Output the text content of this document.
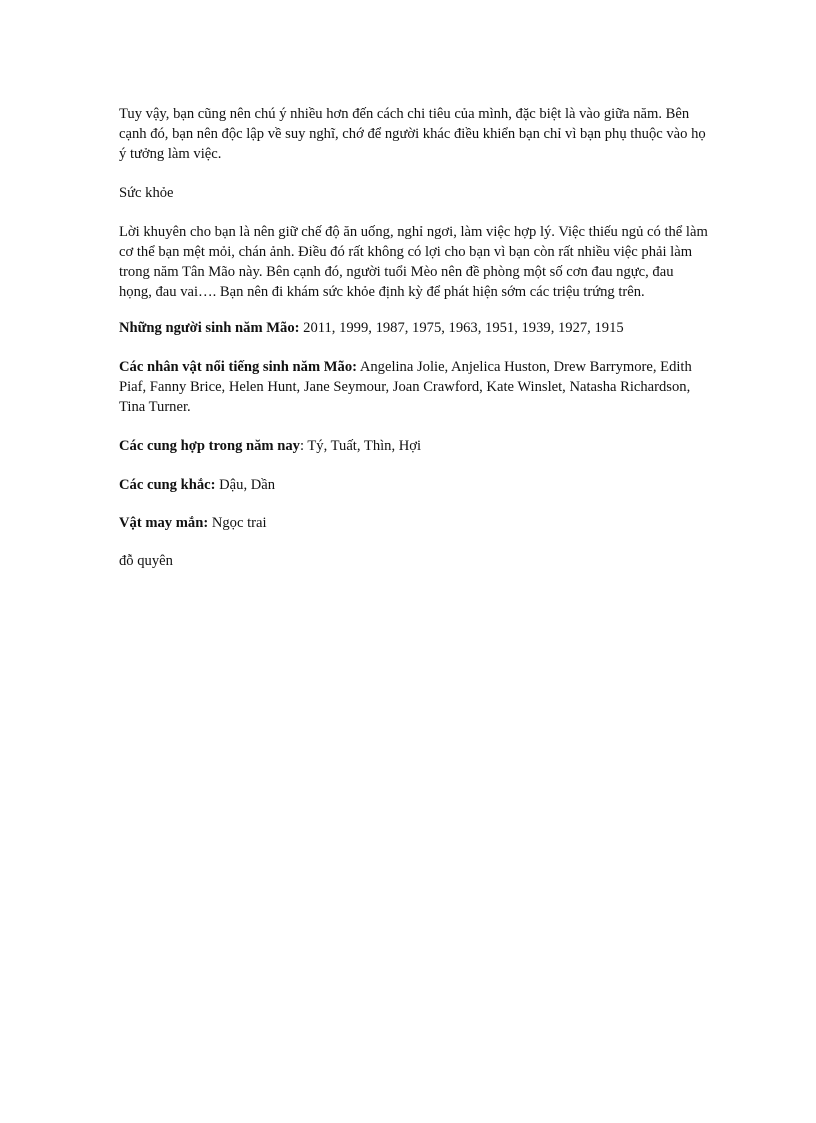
Tuy vậy, bạn cũng nên chú ý nhiều hơn đến cách chi tiêu của mình, đặc biệt là vào giữa năm. Bên cạnh đó, bạn nên độc lập về suy nghĩ, chớ để người khác điều khiển bạn chỉ vì bạn phụ thuộc vào họ ý tưởng làm việc.

Sức khỏe

Lời khuyên cho bạn là nên giữ chế độ ăn uống, nghỉ ngơi, làm việc hợp lý. Việc thiếu ngủ có thể làm cơ thể bạn mệt mỏi, chán ảnh. Điều đó rất không có lợi cho bạn vì bạn còn rất nhiều việc phải làm trong năm Tân Mão này. Bên cạnh đó, người tuổi Mèo nên đề phòng một số cơn đau ngực, đau họng, đau vai…. Bạn nên đi khám sức khỏe định kỳ để phát hiện sớm các triệu trứng trên.

Những người sinh năm Mão: 2011, 1999, 1987, 1975, 1963, 1951, 1939, 1927, 1915

Các nhân vật nổi tiếng sinh năm Mão: Angelina Jolie, Anjelica Huston, Drew Barrymore, Edith Piaf, Fanny Brice, Helen Hunt, Jane Seymour, Joan Crawford, Kate Winslet, Natasha Richardson, Tina Turner.

Các cung hợp trong năm nay: Tý, Tuất, Thìn, Hợi

Các cung khắc: Dậu, Dần

Vật may mắn: Ngọc trai

đỗ quyên
